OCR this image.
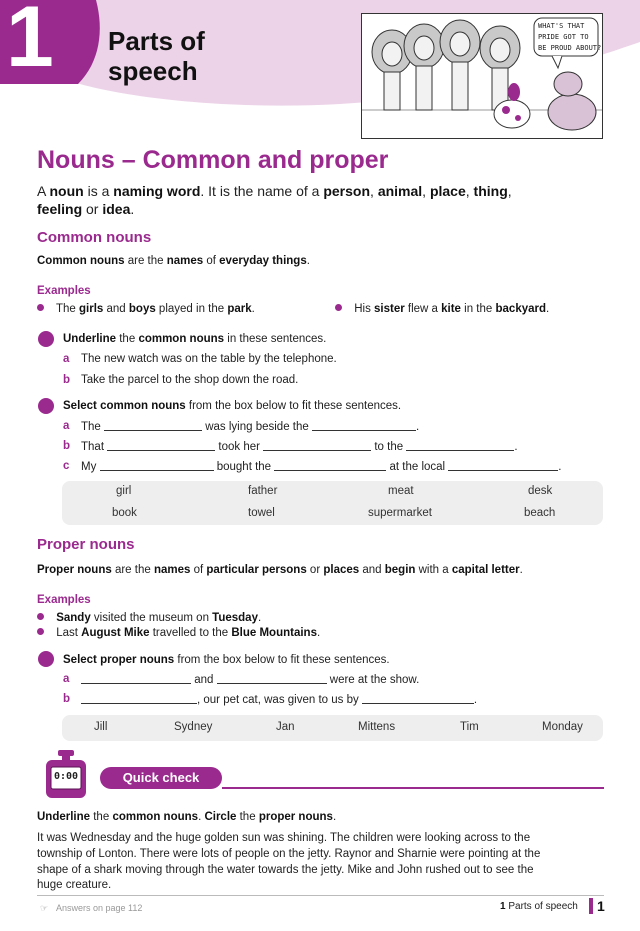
1 Parts of speech
WHAT'S THAT
PRIDE GOT TO
BE PROUD ABOUT?
Nouns – Common and proper
A noun is a naming word. It is the name of a person, animal, place, thing,
feeling or idea.
Common nouns
Common nouns are the names of everyday things.
Examples
The girls and boys played in the park.	His sister flew a kite in the backyard.
Underline the common nouns in these sentences.
a The new watch was on the table by the telephone.
b Take the parcel to the shop down the road.
Select common nouns from the box below to fit these sentences.
a The	was lying beside the	.
b That	took her	to the	.
c My	bought the	at the local	.
girl	father	meat	desk
book	towel	supermarket	beach
Proper nouns
Proper nouns are the names of particular persons or places and begin with a capital letter.
Examples
Sandy visited the museum on Tuesday.
Last August Mike travelled to the Blue Mountains.
Select proper nouns from the box below to fit these sentences.
a	and	were at the show.
b	, our pet cat, was given to us by	.
Jill	Sydney	Jan	Mittens	Tim	Monday
0:00	Quick check
Underline the common nouns. Circle the proper nouns.
It was Wednesday and the huge golden sun was shining. The children were looking across to the
township of Lonton. There were lots of people on the jetty. Raynor and Sharnie were pointing at the
shape of a shark moving through the water towards the jetty. Mike and John rushed out to see the
huge creature.
☞ Answers on page 112	1 Parts of speech 1
